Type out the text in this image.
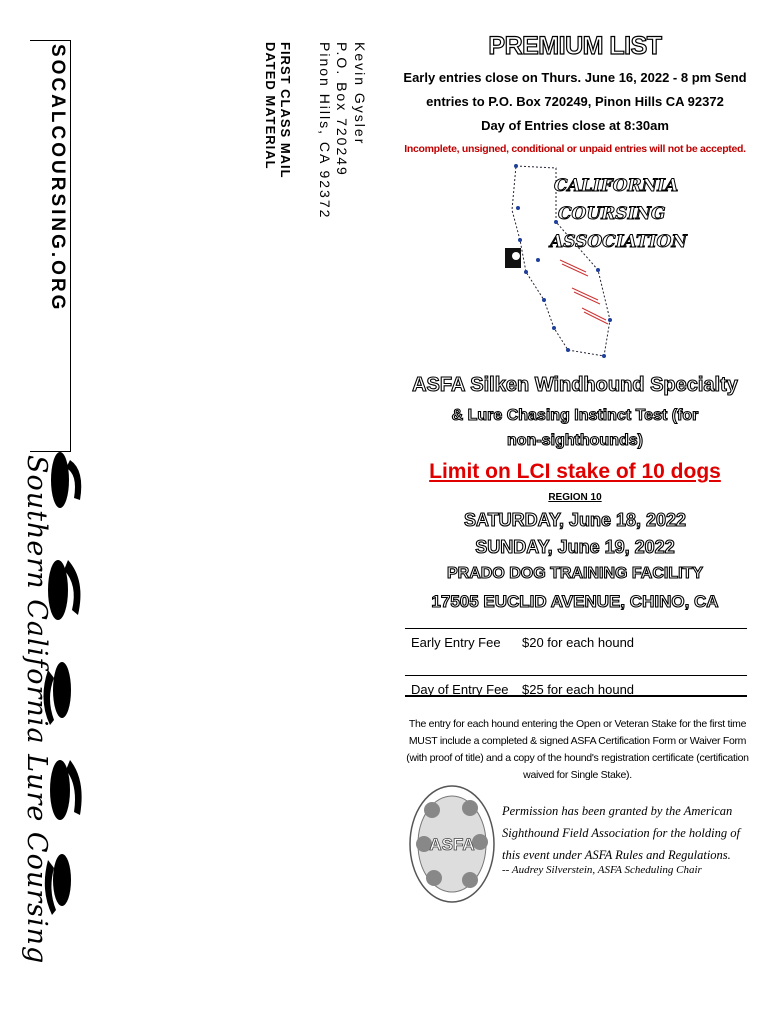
SOCALCOURSING.ORG	Kevin Gysler
P.O. Box 720249
Pinon Hills, CA 92372
FIRST CLASS MAIL
DATED MATERIAL
Southern California Lure Coursing
PREMIUM LIST
Early entries close on Thurs. June 16, 2022 - 8 pm Send
entries to P.O. Box 720249, Pinon Hills CA 92372
Day of Entries close at 8:30am
Incomplete, unsigned, conditional or unpaid entries will not be accepted.
CALIFORNIA
COURSING
ASSOCIATION
ASFA Silken Windhound Specialty
& Lure Chasing Instinct Test (for
non-sighthounds)
Limit on LCI stake of 10 dogs
REGION 10
SATURDAY, June 18, 2022
SUNDAY, June 19, 2022
PRADO DOG TRAINING FACILITY
17505 EUCLID AVENUE, CHINO, CA
Early Entry Fee $20 for each hound
Day of Entry Fee $25 for each hound
The entry for each hound entering the Open or Veteran Stake for the first time MUST include a completed & signed ASFA Certification Form or Waiver Form (with proof of title) and a copy of the hound's registration certificate (certification waived for Single Stake).
ASFA
Permission has been granted by the American Sighthound Field Association for the holding of this event under ASFA Rules and Regulations.
-- Audrey Silverstein, ASFA Scheduling Chair
